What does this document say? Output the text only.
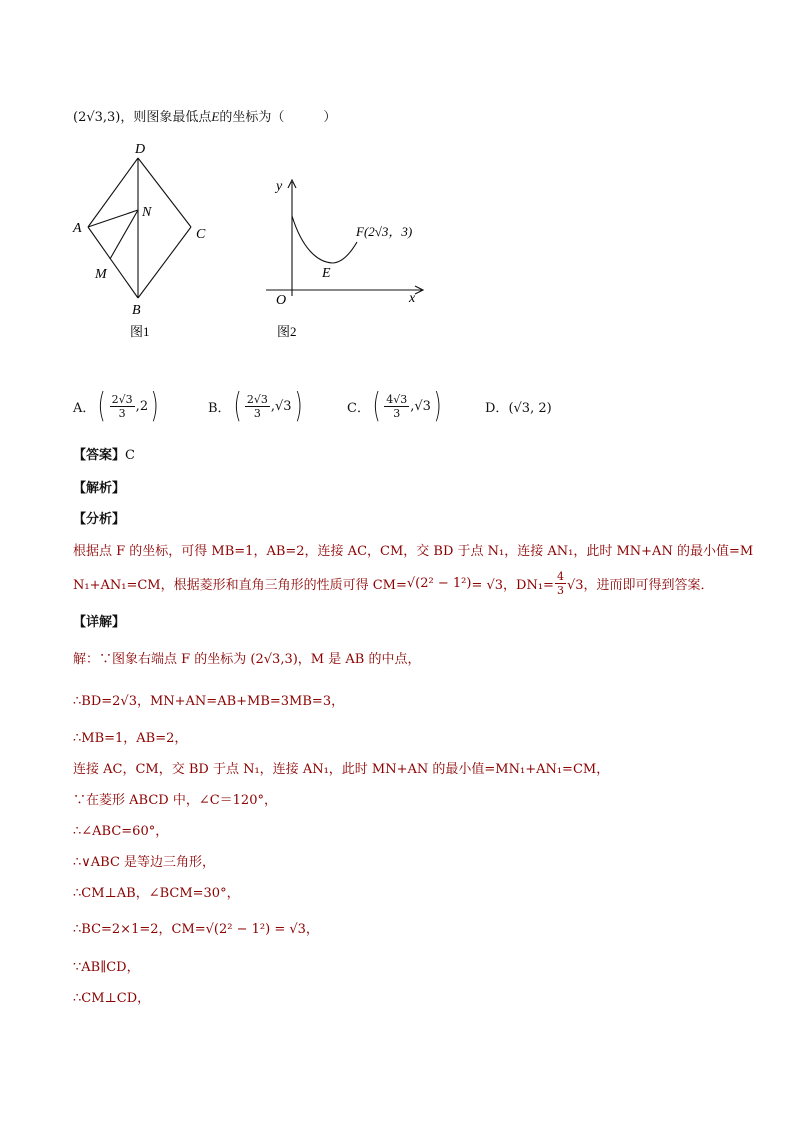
(2√3,3)，则图象最低点E的坐标为（　　　）
D
A
N
C
M
B
图1
y
x
O
E
F(2√3，3)
图2
A． ( $\frac{2√3}{3}$ , 2 )	B． ( $\frac{2√3}{3}$ , √3 )	C． ( $\frac{4√3}{3}$ , √3 )	D．(√3, 2)
【答案】C
【解析】
【分析】
根据点 F 的坐标，可得 MB=1，AB=2，连接 AC，CM，交 BD 于点 N₁，连接 AN₁，此时 MN+AN 的最小值=M
N₁+AN₁=CM，根据菱形和直角三角形的性质可得 CM= √(2² − 1²) = √3，$DN_1= \frac{4}{3} √3$，进而即可得到答案．
【详解】
解：∵图象右端点 F 的坐标为 (2√3,3)，M 是 AB 的中点，
∴BD=2√3，MN+AN=AB+MB=3MB=3，
∴MB=1，AB=2，
连接 AC，CM，交 BD 于点 N₁，连接 AN₁，此时 MN+AN 的最小值=MN₁+AN₁=CM，
∵在菱形 ABCD 中，∠C＝120°，
∴∠ABC=60°，
∴∨ABC 是等边三角形，
∴CM⊥AB，∠BCM=30°，
∴BC=2×1=2，CM=√(2² − 1²) = √3，
∵AB∥CD，
∴CM⊥CD，
